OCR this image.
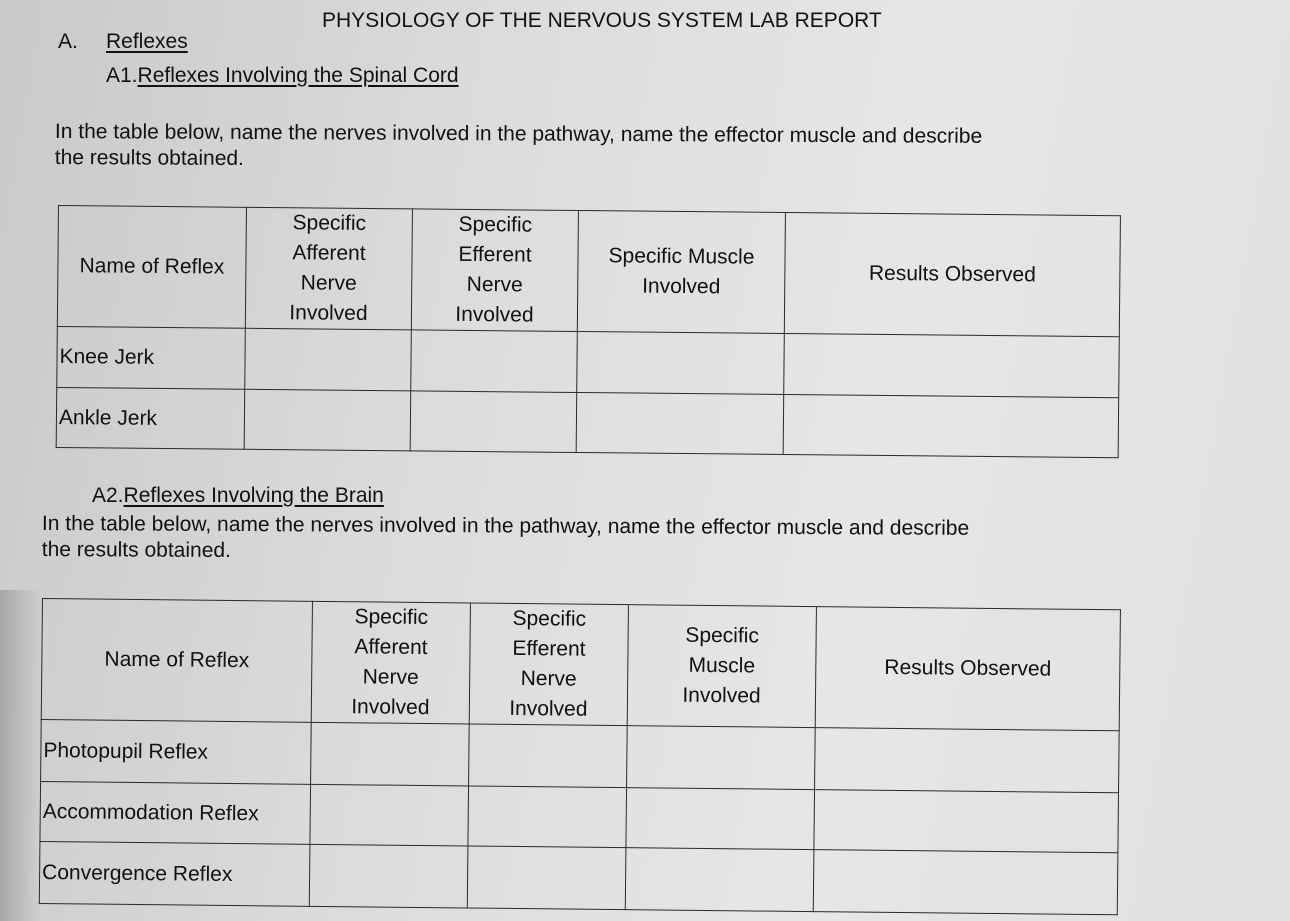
PHYSIOLOGY OF THE NERVOUS SYSTEM LAB REPORT
A. Reflexes
A1.Reflexes Involving the Spinal Cord
In the table below, name the nerves involved in the pathway, name the effector muscle and describe
the results obtained.
Name of Reflex	Specific Afferent Nerve Involved	Specific Efferent Nerve Involved	Specific Muscle Involved	Results Observed
Knee Jerk				
Ankle Jerk				
A2.Reflexes Involving the Brain
In the table below, name the nerves involved in the pathway, name the effector muscle and describe
the results obtained.
Name of Reflex	Specific Afferent Nerve Involved	Specific Efferent Nerve Involved	Specific Muscle Involved	Results Observed
Photopupil Reflex				
Accommodation Reflex				
Convergence Reflex				
